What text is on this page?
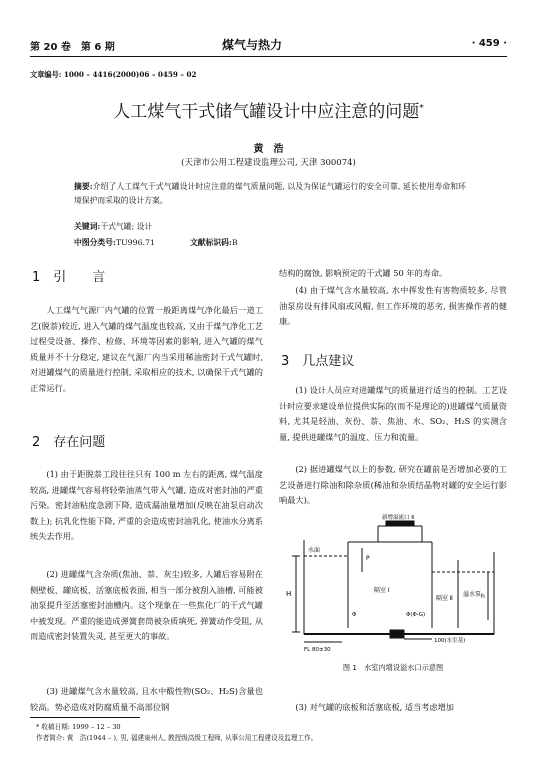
第 20 卷　第 6 期	煤气与热力	· 459 ·
文章编号: 1000 – 4416(2000)06 – 0459 – 02
人工煤气干式储气罐设计中应注意的问题*
黄　浩
(天津市公用工程建设监理公司, 天津 300074)
摘要:介绍了人工煤气干式气罐设计时应注意的煤气质量问题, 以及为保证气罐运行的安全可靠, 延长使用寿命和环境保护而采取的设计方案。
关键词:干式气罐; 设计
中图分类号:TU996.71	文献标识码:B
1　 引　　言

人工煤气气源厂内气罐的位置一般距离煤气净化最后一道工艺(脱萘)较近, 进入气罐的煤气温度也较高, 又由于煤气净化工艺过程受设备、操作、检修、环境等因素的影响, 进入气罐的煤气质量并不十分稳定, 建议在气源厂内当采用稀油密封干式气罐时, 对进罐煤气的质量进行控制, 采取相应的技术, 以确保干式气罐的正常运行。

2　 存在问题

(1) 由于距脱萘工段往往只有 100 m 左右的距离, 煤气温度较高, 进罐煤气容易将轻柴油蒸气带入气罐, 造成对密封油的严重污染。密封油粘度急剧下降, 造成漏油量增加(反映在油泵启动次数上); 抗乳化性能下降, 严重的会造成密封油乳化, 使油水分离系统失去作用。

(2) 进罐煤气含杂质(焦油、萘、灰尘)较多, 人罐后容易附在侧壁板、罐底板、活塞底板表面, 相当一部分被刮入油槽, 可能被油泵提升至活塞密封油槽内。这个现象在一些焦化厂的干式气罐中被发现。严重的能造成弹簧套筒被杂质填死, 弹簧动作受阻, 从而造成密封装置失灵, 甚至更大的事故。

(3) 进罐煤气含水量较高, 且水中酸性物(SO₂、H₂S)含量也较高。势必造成对防腐质量不高部位钢

结构的腐蚀, 影响预定的干式罐 50 年的寿命。

(4) 由于煤气含水量较高, 水中挥发性有害物质较多, 尽管油泵房设有排风扇或风帽, 但工作环境的恶劣, 损害操作者的健康。

3　 几点建议

(1) 设计人员应对进罐煤气的质量进行适当的控制。工艺设计时应要求建设单位提供实际的(而不是理论的)进罐煤气质量资料, 尤其是轻油、灰份、萘、焦油、水、SO₂、H₂S 的实测含量, 提供进罐煤气的温度、压力和流量。

(2) 据进罐煤气以上的参数, 研究在罐前是否增加必要的工艺设备进行除油和除杂质(稀油和杂质结晶物对罐的安全运行影响最大)。

新增溢流口 Ⅱ
水面
P
H	隔室 Ⅰ
隔室 Ⅱ
溢水泵 h
Φ	Φ(Φ-G)
FL 80±30
100(水室基)
图 1　水室内增设溢水口示意图

(3) 对气罐的底板和活塞底板, 适当考虑增加

* 收稿日期: 1999 – 12 – 30
作者简介: 黄　浩(1944 – ), 男, 福建泉州人, 教授级高级工程师, 从事公用工程建设及监理工作。
